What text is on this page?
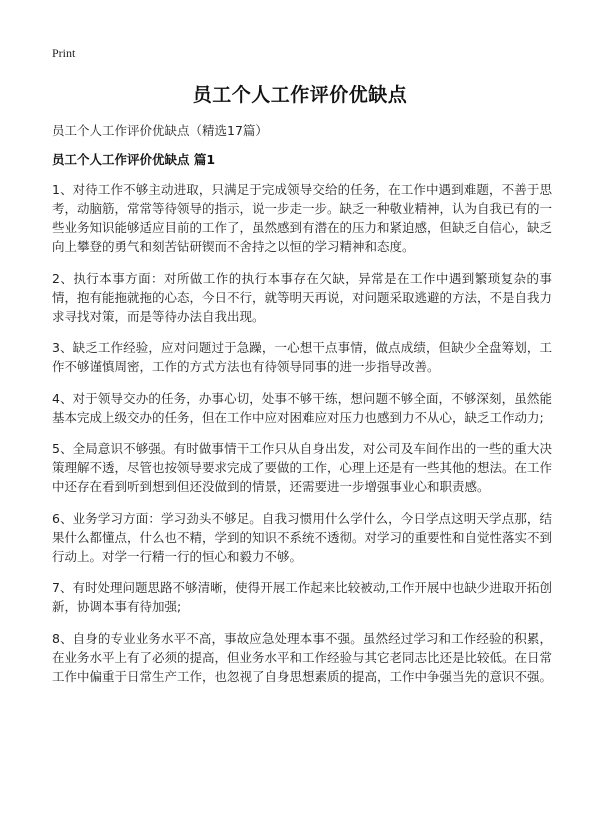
Print
员工个人工作评价优缺点
员工个人工作评价优缺点（精选17篇）
员工个人工作评价优缺点 篇1

1、对待工作不够主动进取，只满足于完成领导交给的任务，在工作中遇到难题，不善于思考，动脑筋，常常等待领导的指示，说一步走一步。缺乏一种敬业精神，认为自我已有的一些业务知识能够适应目前的工作了，虽然感到有潜在的压力和紧迫感，但缺乏自信心，缺乏向上攀登的勇气和刻苦钻研锲而不舍持之以恒的学习精神和态度。

2、执行本事方面：对所做工作的执行本事存在欠缺，异常是在工作中遇到繁琐复杂的事情，抱有能拖就拖的心态，今日不行，就等明天再说，对问题采取逃避的方法，不是自我力求寻找对策，而是等待办法自我出现。

3、缺乏工作经验，应对问题过于急躁，一心想干点事情，做点成绩，但缺少全盘筹划，工作不够谨慎周密，工作的方式方法也有待领导同事的进一步指导改善。

4、对于领导交办的任务，办事心切，处事不够干练，想问题不够全面，不够深刻，虽然能基本完成上级交办的任务，但在工作中应对困难应对压力也感到力不从心，缺乏工作动力;

5、全局意识不够强。有时做事情干工作只从自身出发，对公司及车间作出的一些的重大决策理解不透，尽管也按领导要求完成了要做的工作，心理上还是有一些其他的想法。在工作中还存在看到听到想到但还没做到的情景，还需要进一步增强事业心和职责感。

6、业务学习方面：学习劲头不够足。自我习惯用什么学什么，今日学点这明天学点那，结果什么都懂点，什么也不精，学到的知识不系统不透彻。对学习的重要性和自觉性落实不到行动上。对学一行精一行的恒心和毅力不够。

7、有时处理问题思路不够清晰，使得开展工作起来比较被动,工作开展中也缺少进取开拓创新，协调本事有待加强;

8、自身的专业业务水平不高，事故应急处理本事不强。虽然经过学习和工作经验的积累，在业务水平上有了必须的提高，但业务水平和工作经验与其它老同志比还是比较低。在日常工作中偏重于日常生产工作，也忽视了自身思想素质的提高，工作中争强当先的意识不强。
